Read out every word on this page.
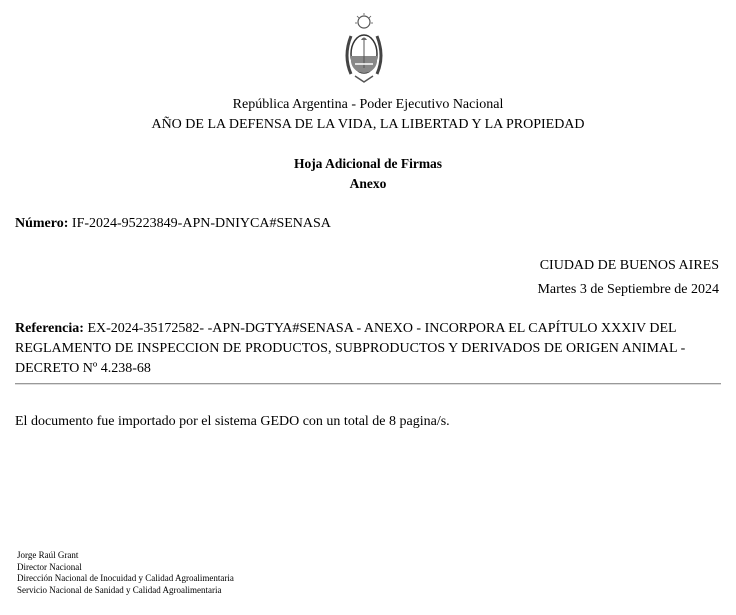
República Argentina - Poder Ejecutivo Nacional
AÑO DE LA DEFENSA DE LA VIDA, LA LIBERTAD Y LA PROPIEDAD
Hoja Adicional de Firmas
Anexo
Número: IF-2024-95223849-APN-DNIYCA#SENASA
CIUDAD DE BUENOS AIRES
Martes 3 de Septiembre de 2024
Referencia: EX-2024-35172582- -APN-DGTYA#SENASA - ANEXO - INCORPORA EL CAPÍTULO XXXIV DEL REGLAMENTO DE INSPECCION DE PRODUCTOS, SUBPRODUCTOS Y DERIVADOS DE ORIGEN ANIMAL - DECRETO Nº 4.238-68
El documento fue importado por el sistema GEDO con un total de 8 pagina/s.
Jorge Raúl Grant
Director Nacional
Dirección Nacional de Inocuidad y Calidad Agroalimentaria
Servicio Nacional de Sanidad y Calidad Agroalimentaria
